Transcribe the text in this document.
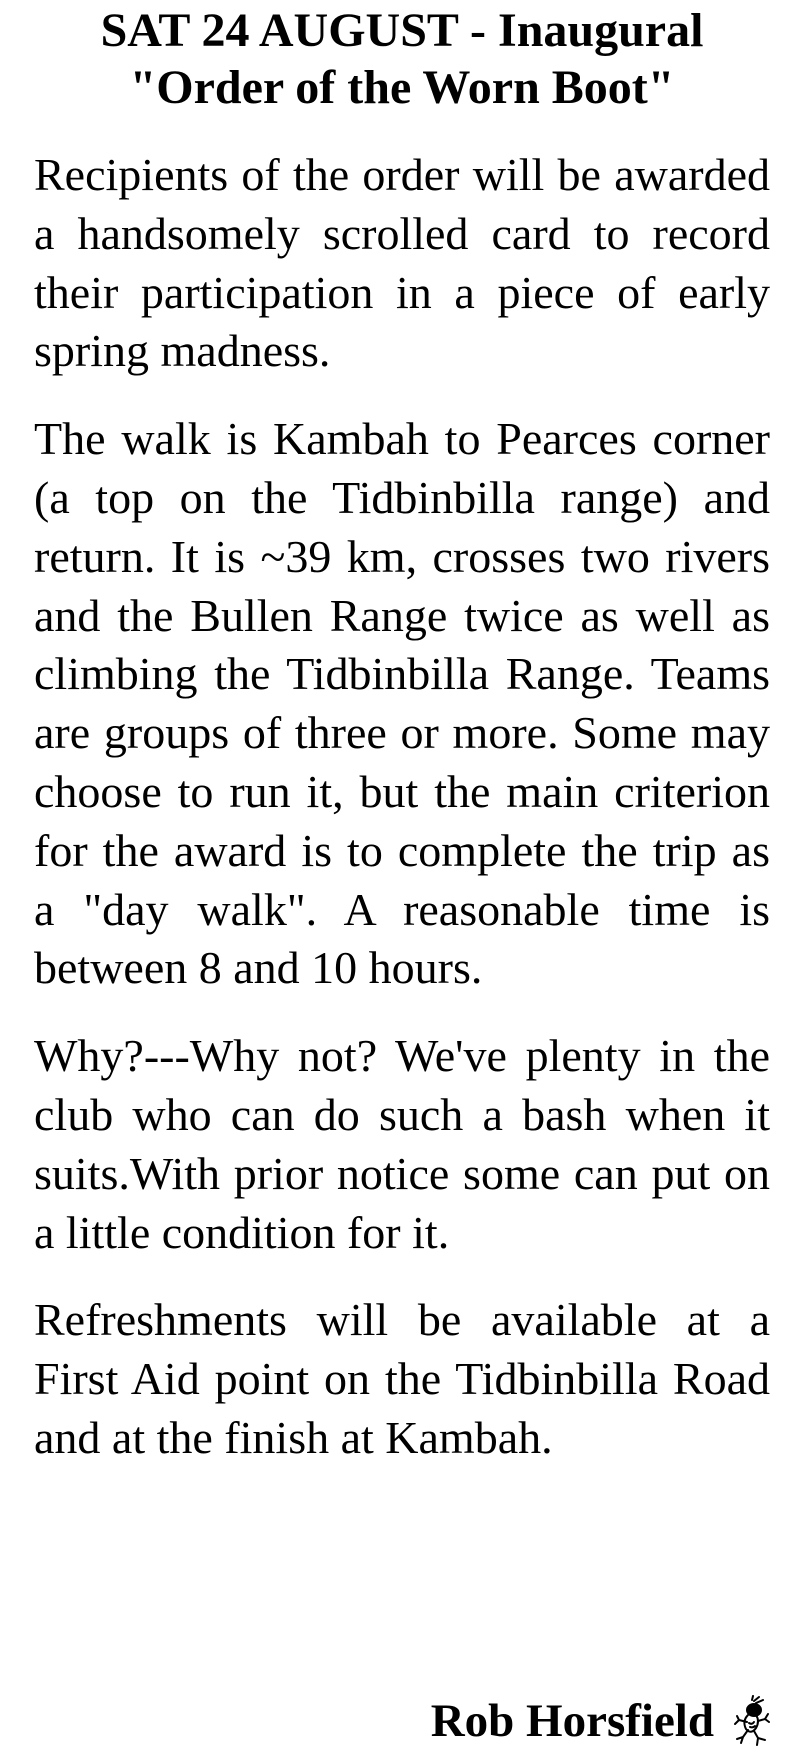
SAT 24 AUGUST - Inaugural
"Order of the Worn Boot"

Recipients of the order will be awarded a handsomely scrolled card to record their participation in a piece of early spring madness.

The walk is Kambah to Pearces corner (a top on the Tidbinbilla range) and return. It is ~39 km, crosses two rivers and the Bullen Range twice as well as climbing the Tidbinbilla Range. Teams are groups of three or more. Some may choose to run it, but the main criterion for the award is to complete the trip as a "day walk". A reasonable time is between 8 and 10 hours.

Why?---Why not? We've plenty in the club who can do such a bash when it suits.With prior notice some can put on a little condition for it.

Refreshments will be available at a First Aid point on the Tidbinbilla Road and at the finish at Kambah.

Rob Horsfield
